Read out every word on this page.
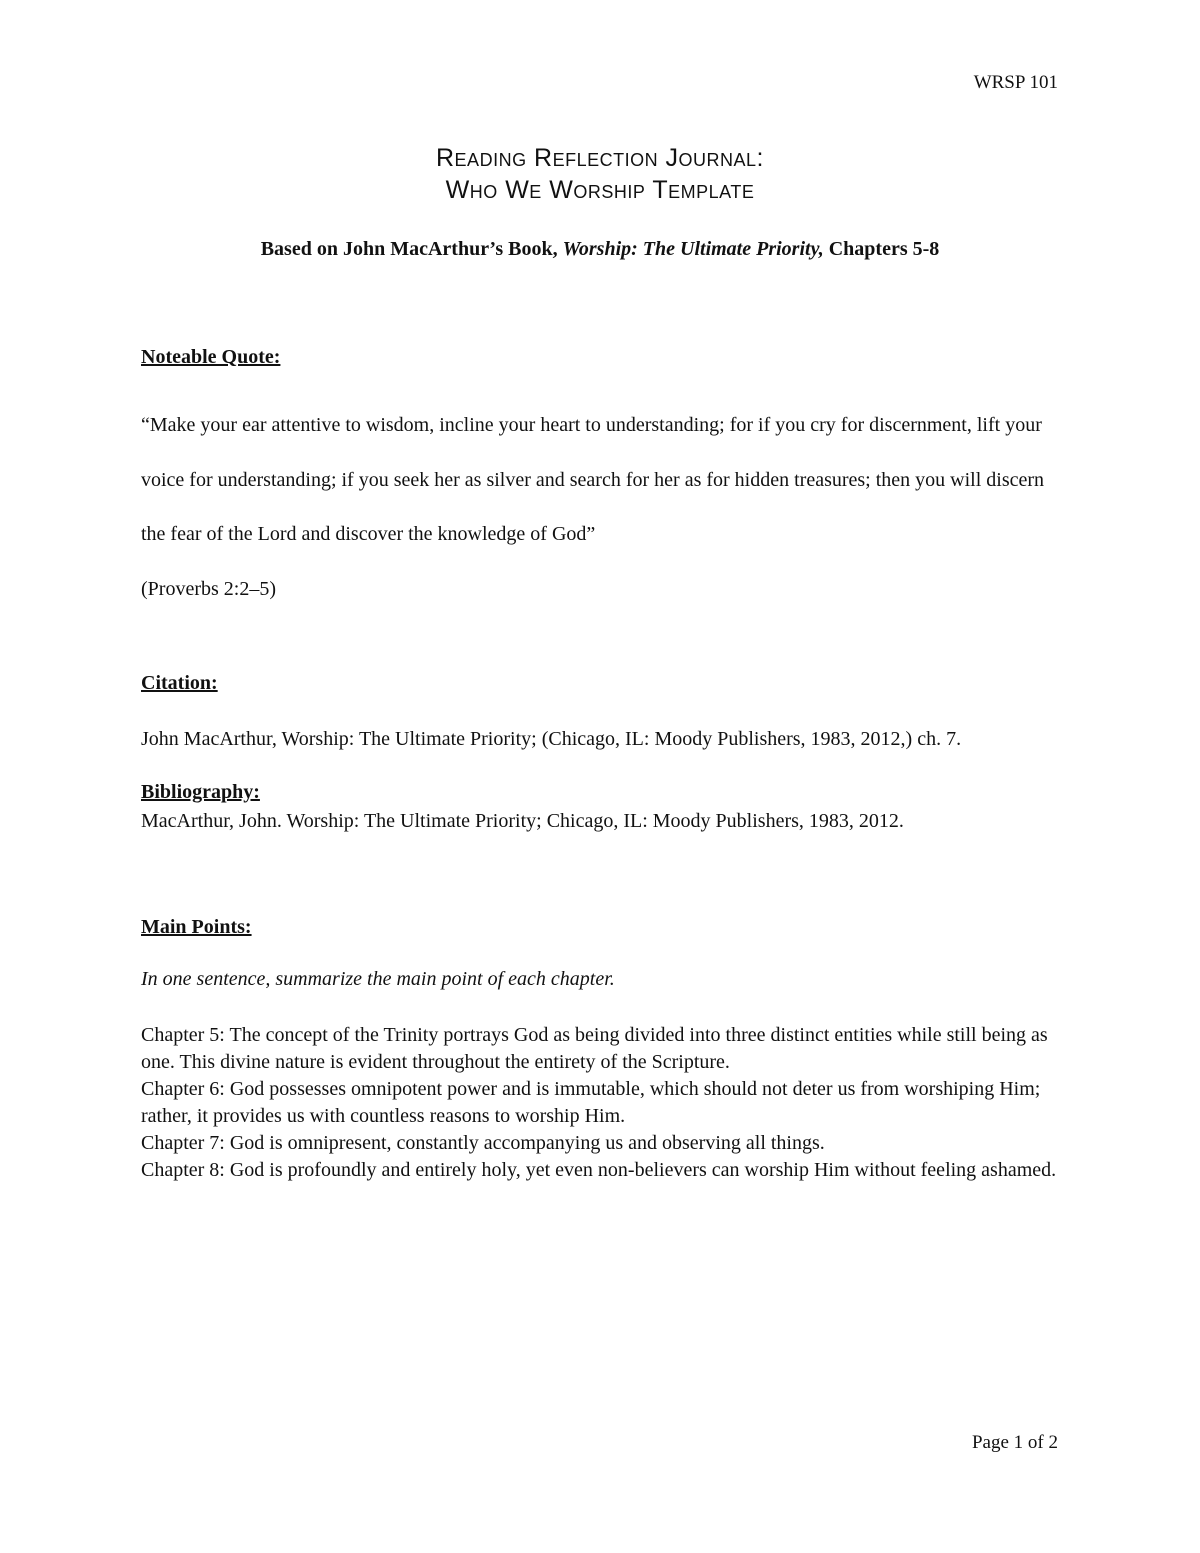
WRSP 101
Reading Reflection Journal:
Who We Worship Template
Based on John MacArthur’s Book, Worship: The Ultimate Priority, Chapters 5-8
Noteable Quote:

“Make your ear attentive to wisdom, incline your heart to understanding; for if you cry for discernment, lift your voice for understanding; if you seek her as silver and search for her as for hidden treasures; then you will discern the fear of the Lord and discover the knowledge of God”

(Proverbs 2:2–5)

Citation:
John MacArthur, Worship: The Ultimate Priority; (Chicago, IL: Moody Publishers, 1983, 2012,) ch. 7.
Bibliography:
MacArthur, John. Worship: The Ultimate Priority; Chicago, IL: Moody Publishers, 1983, 2012.
Main Points:
In one sentence, summarize the main point of each chapter.

Chapter 5: The concept of the Trinity portrays God as being divided into three distinct entities while still being as one. This divine nature is evident throughout the entirety of the Scripture.

Chapter 6: God possesses omnipotent power and is immutable, which should not deter us from worshiping Him; rather, it provides us with countless reasons to worship Him.

Chapter 7: God is omnipresent, constantly accompanying us and observing all things.

Chapter 8: God is profoundly and entirely holy, yet even non-believers can worship Him without feeling ashamed.

Page 1 of 2
